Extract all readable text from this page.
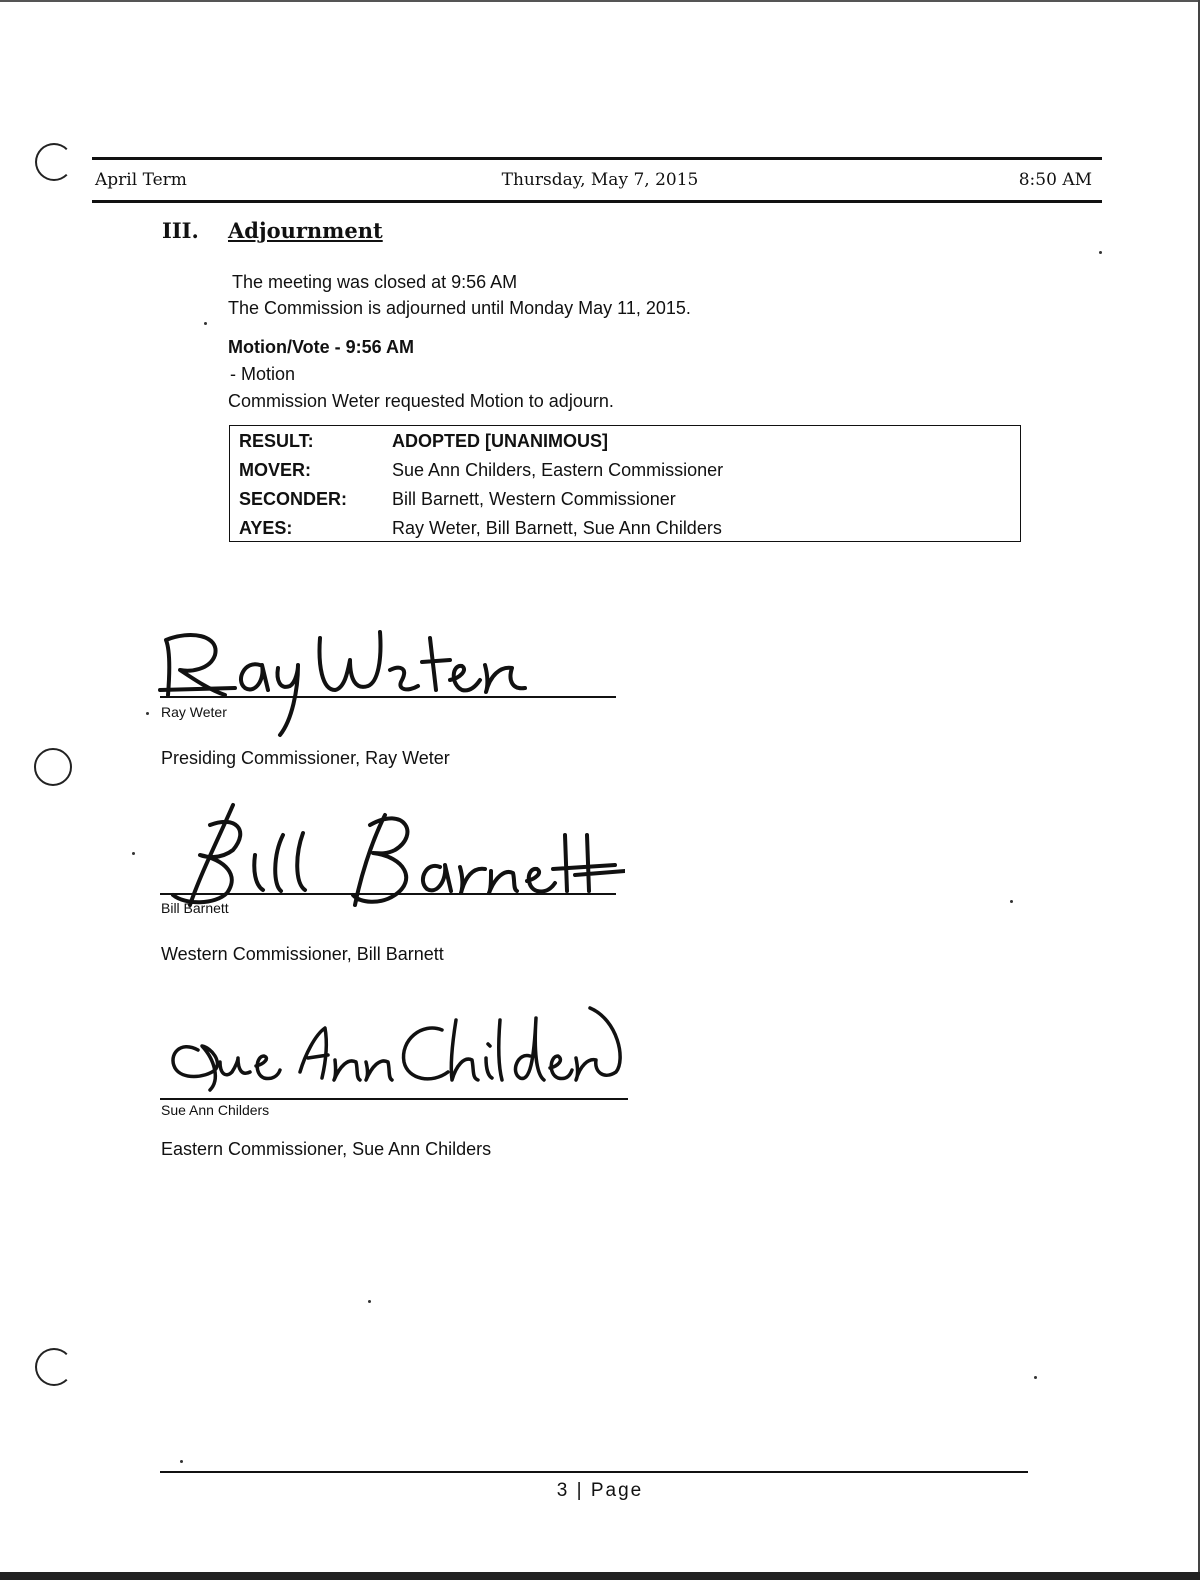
April Term	Thursday, May 7, 2015	8:50 AM
III. Adjournment
The meeting was closed at 9:56 AM
The Commission is adjourned until Monday May 11, 2015.
Motion/Vote - 9:56 AM
- Motion
Commission Weter requested Motion to adjourn.
RESULT:	ADOPTED [UNANIMOUS]
MOVER:	Sue Ann Childers, Eastern Commissioner
SECONDER: Bill Barnett, Western Commissioner
AYES:	Ray Weter, Bill Barnett, Sue Ann Childers
Ray Weter
Presiding Commissioner, Ray Weter
Bill Barnett
Western Commissioner, Bill Barnett
Sue Ann Childers
Eastern Commissioner, Sue Ann Childers
3 | Page
